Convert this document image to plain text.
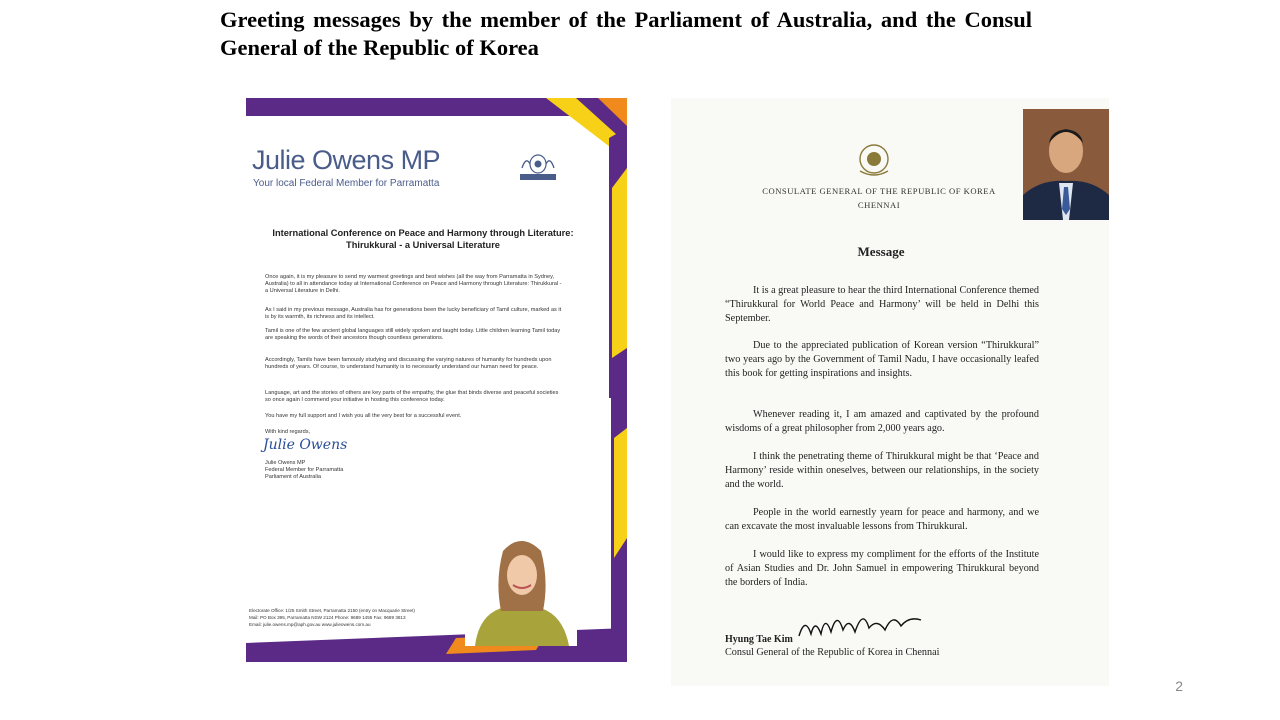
Greeting messages by the member of the Parliament of Australia, and the Consul General of the Republic of Korea
Julie Owens MP
Your local Federal Member for Parramatta
International Conference on Peace and Harmony through Literature: Thirukkural - a Universal Literature
Once again, it is my pleasure to send my warmest greetings and best wishes (all the way from Parramatta in Sydney, Australia) to all in attendance today at International Conference on Peace and Harmony through Literature: Thirukkural - a Universal Literature in Delhi.
As I said in my previous message, Australia has for generations been the lucky beneficiary of Tamil culture, marked as it is by its warmth, its richness and its intellect.
Tamil is one of the few ancient global languages still widely spoken and taught today. Little children learning Tamil today are speaking the words of their ancestors though countless generations.
Accordingly, Tamils have been famously studying and discussing the varying natures of humanity for hundreds upon hundreds of years. Of course, to understand humanity is to necessarily understand our human need for peace.
Language, art and the stories of others are key parts of the empathy, the glue that binds diverse and peaceful societies so once again I commend your initiative in hosting this conference today.
You have my full support and I wish you all the very best for a successful event.
With kind regards,
Julie Owens
Julie Owens MP
Federal Member for Parramatta
Parliament of Australia
Electorate Office: 1/25 Smith Street, Parramatta 2150 (entry on Macquarie Street)
Mail: PO Box 395, Parramatta NSW 2124 Phone: 9689 1455 Fax: 9689 3813
Email: julie.owens.mp@aph.gov.au www.julieowens.com.au
CONSULATE GENERAL OF THE REPUBLIC OF KOREA
CHENNAI
Message
It is a great pleasure to hear the third International Conference themed “Thirukkural for World Peace and Harmony’ will be held in Delhi this September.
Due to the appreciated publication of Korean version “Thirukkural” two years ago by the Government of Tamil Nadu, I have occasionally leafed this book for getting inspirations and insights.
Whenever reading it, I am amazed and captivated by the profound wisdoms of a great philosopher from 2,000 years ago.
I think the penetrating theme of Thirukkural might be that ‘Peace and Harmony’ reside within oneselves, between our relationships, in the society and the world.
People in the world earnestly yearn for peace and harmony, and we can excavate the most invaluable lessons from Thirukkural.
I would like to express my compliment for the efforts of the Institute of Asian Studies and Dr. John Samuel in empowering Thirukkural beyond the borders of India.
Hyung Tae Kim
Consul General of the Republic of Korea in Chennai
2
